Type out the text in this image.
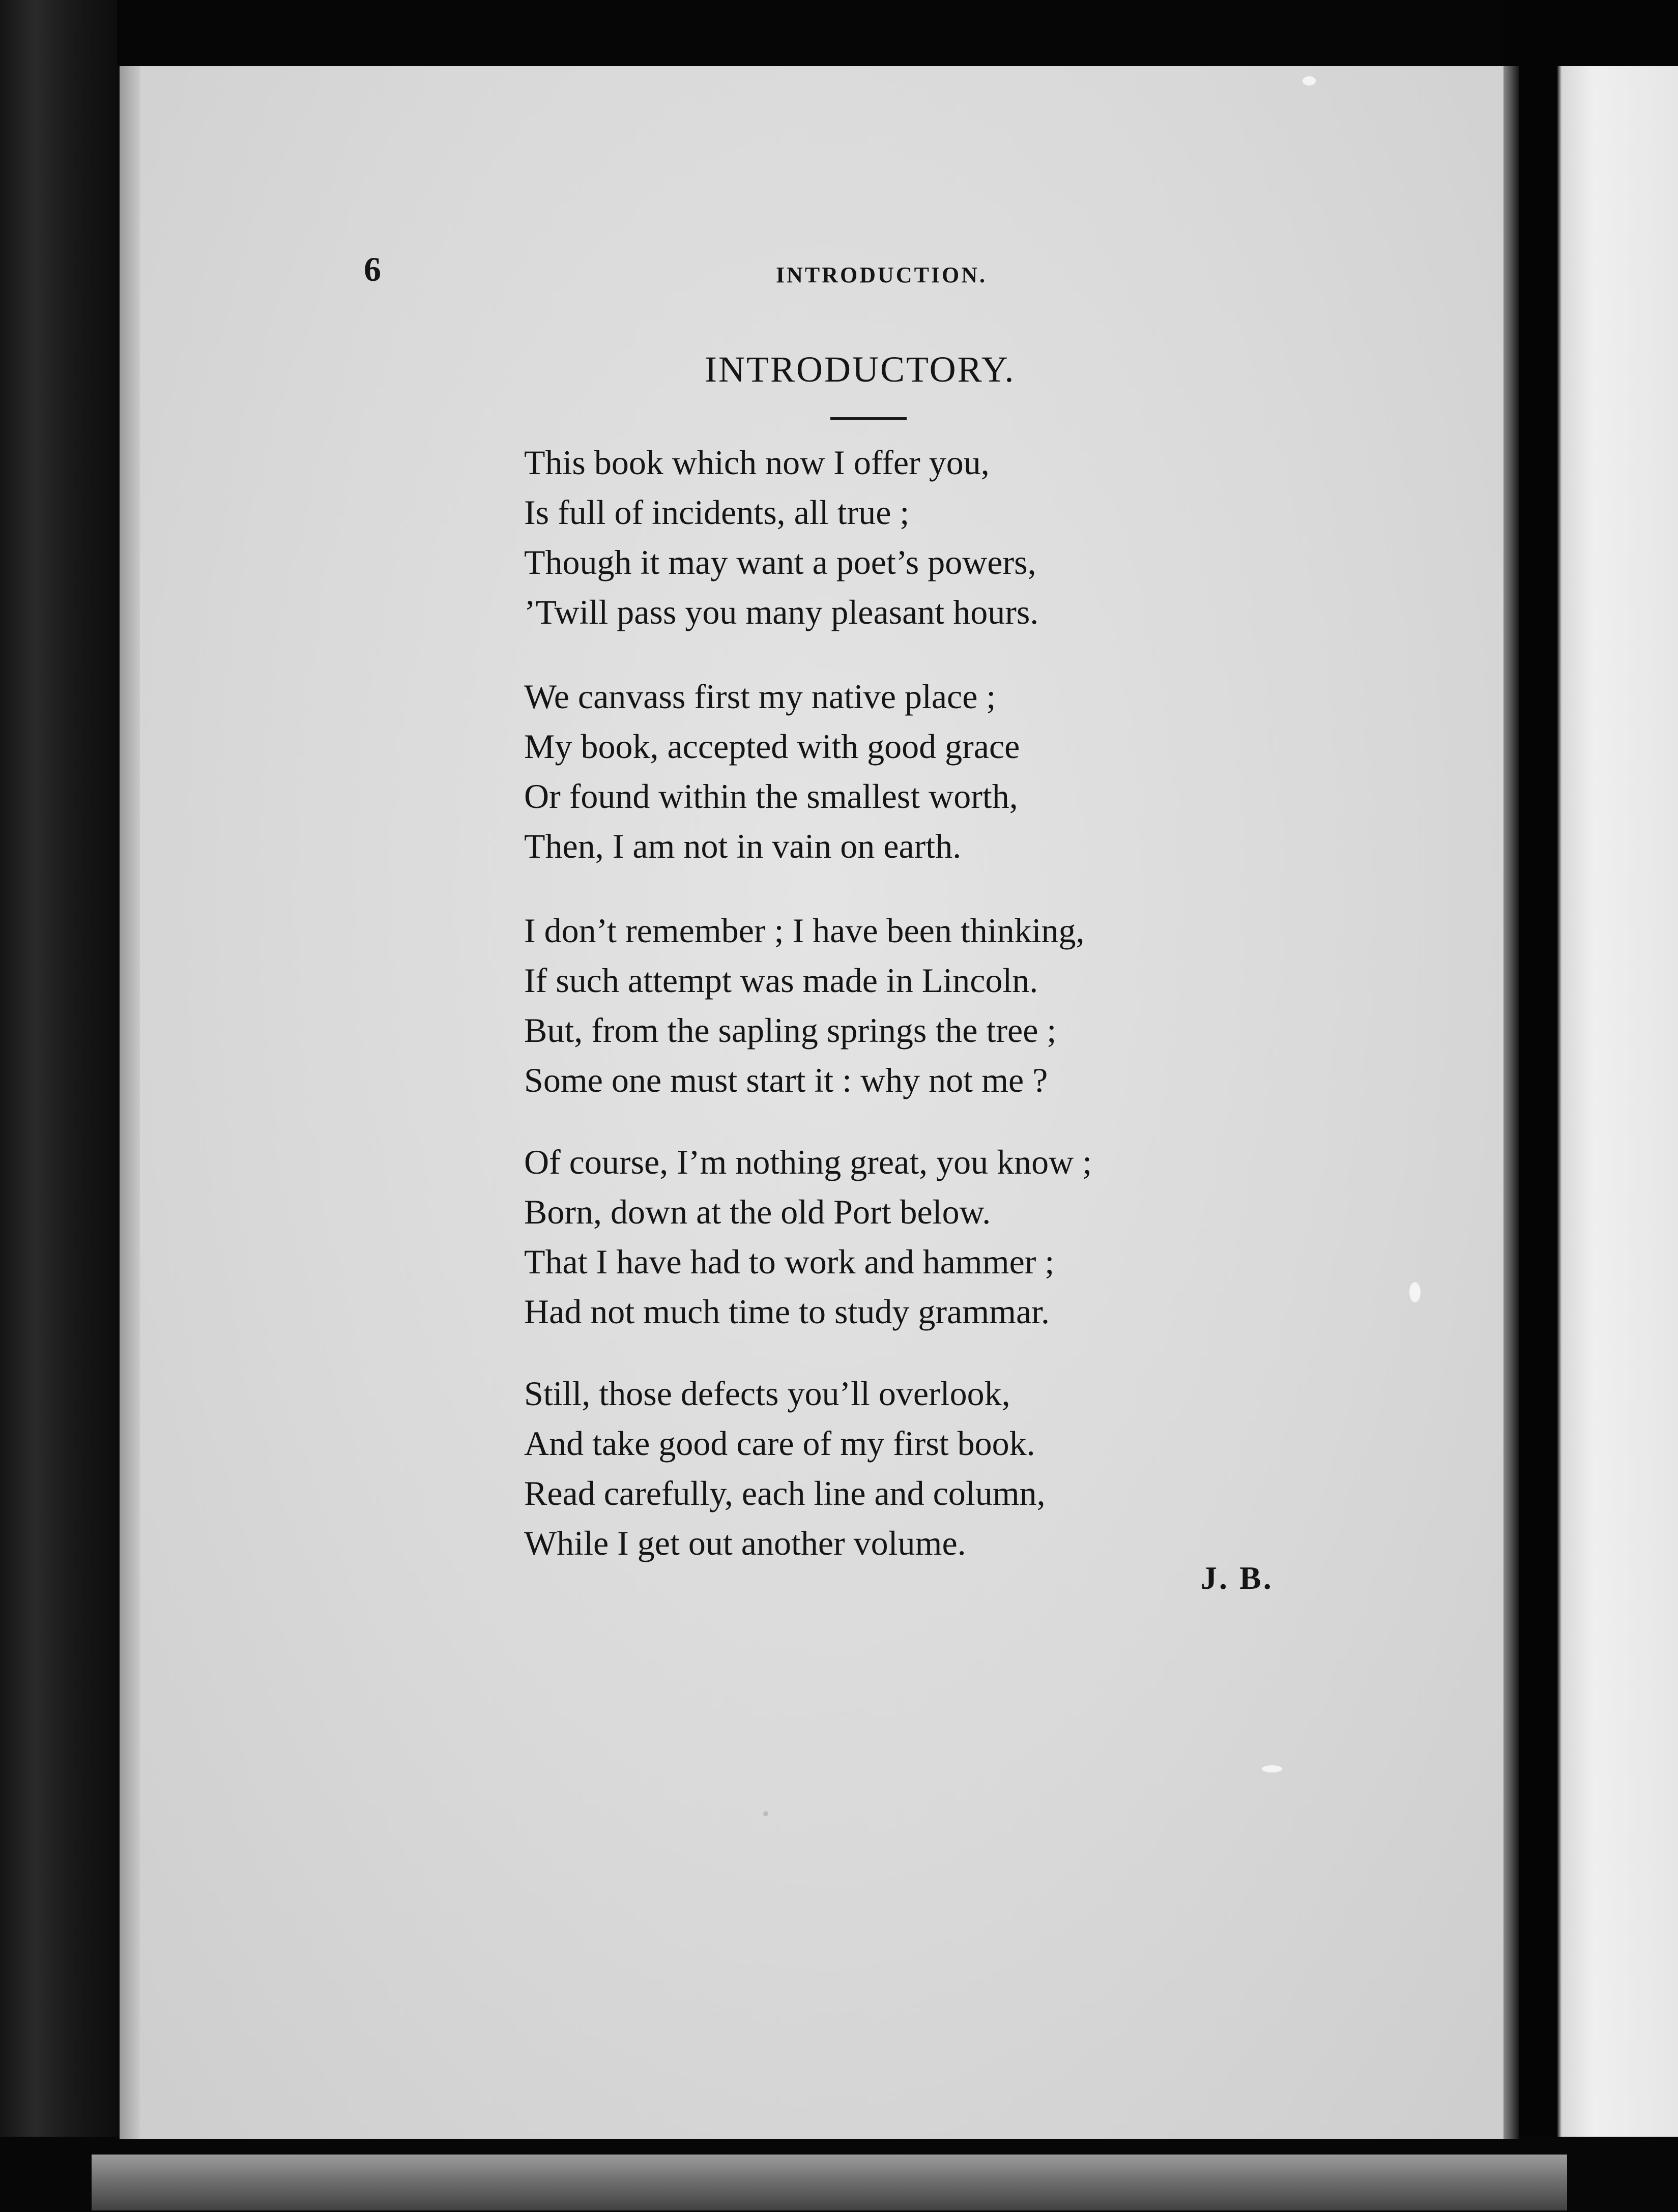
6	INTRODUCTION.
INTRODUCTORY.
This book which now I offer you,
Is full of incidents, all true ;
Though it may want a poet’s powers,
’Twill pass you many pleasant hours.
We canvass first my native place ;
My book, accepted with good grace
Or found within the smallest worth,
Then, I am not in vain on earth.
I don’t remember ; I have been thinking,
If such attempt was made in Lincoln.
But, from the sapling springs the tree ;
Some one must start it : why not me ?
Of course, I’m nothing great, you know ;
Born, down at the old Port below.
That I have had to work and hammer ;
Had not much time to study grammar.
Still, those defects you’ll overlook,
And take good care of my first book.
Read carefully, each line and column,
While I get out another volume.
J. B.
